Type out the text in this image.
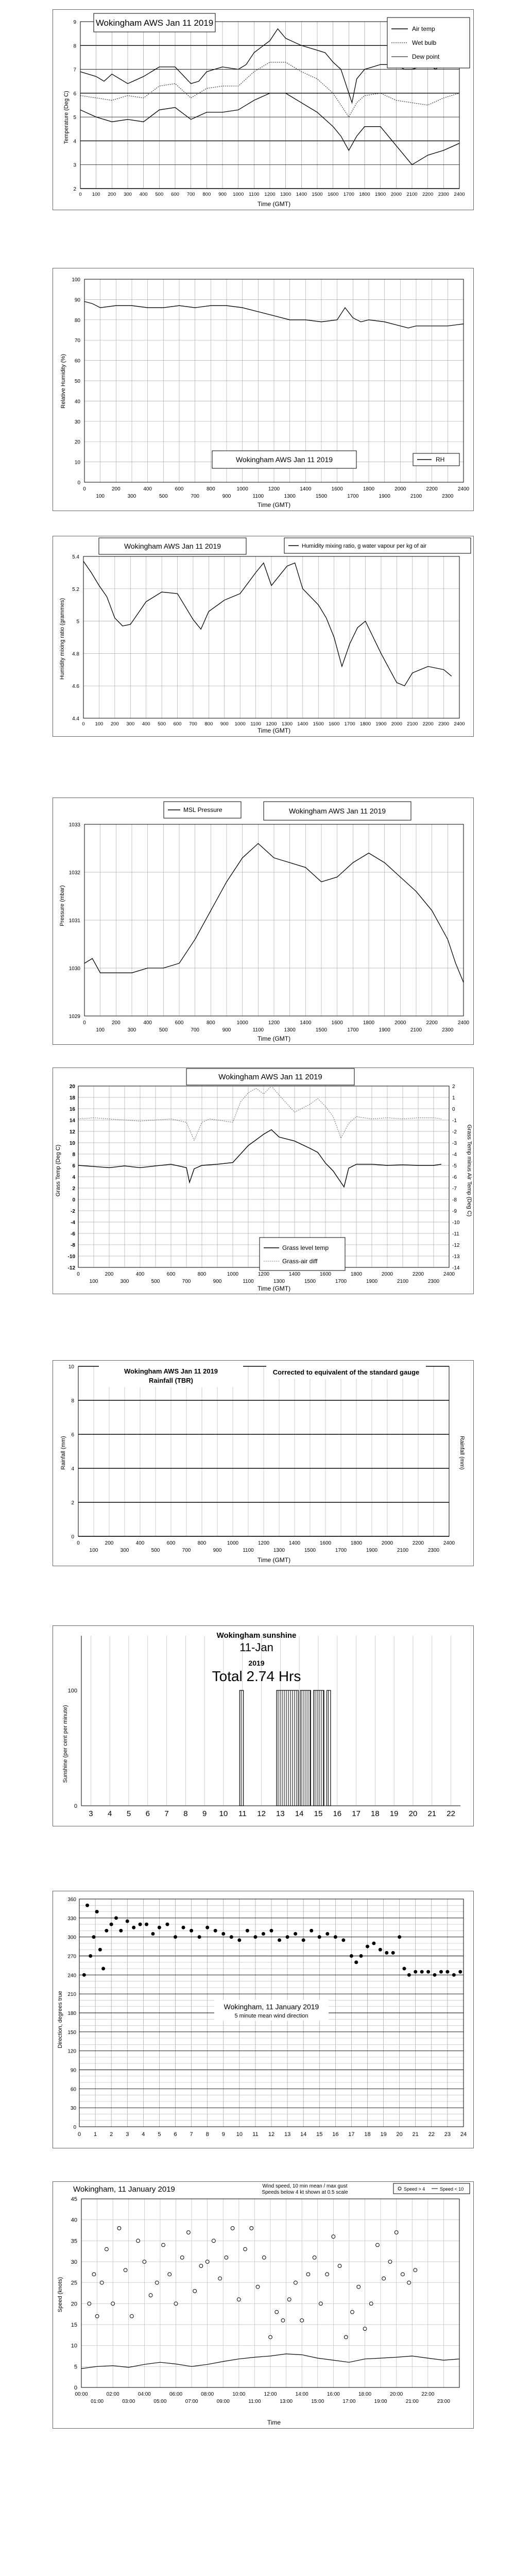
2
3
4
5
6
7
8
9
0 100 200 300 400 500 600 700 800 900 1000 1100 1200 1300 1400 1500 1600 1700 1800 1900 2000 2100 2200 2300 2400
Wokingham AWS Jan 11 2019
Air temp
Wet bulb
Dew point
Temperature (Deg C)
Time (GMT)
0
10
20
30
40
50
60
70
80
90
100
0	200	400	600	800	1000	1200	1400	1600	1800	2000	2200	2400
100	300	500	700	900	1100	1300	1500	1700	1900	2100	2300
Wokingham AWS Jan 11 2019	RH
Relative Humidity (%)
Time (GMT)
4.4
4.6
4.8
5
5.2
5.4
0 100 200 300 400 500 600 700 800 900 1000 1100 1200 1300 1400 1500 1600 1700 1800 1900 2000 2100 2200 2300 2400
Wokingham AWS Jan 11 2019	Humidity mixing ratio, g water vapour per kg of air
Humidity mixing ratio (grammes)
Time (GMT)
1029
1030
1031
1032
1033
0	200	400	600	800	1000	1200	1400	1600	1800	2000	2200	2400
100	300	500	700	900	1100	1300	1500	1700	1900	2100	2300
MSL Pressure	Wokingham AWS Jan 11 2019
Pressure (mbar)
Time (GMT)
20
18
16
14
12
10
8
6
4
2
0
-2
-4
-6
-8
-10
-12
2
1
0
-1
-2
-3
-4
-5
-6
-7
-8
-9
-10
-11
-12
-13
-14
0	200	400	600	800	1000	1200	1400	1600	1800	2000	2200	2400
100	300	500	700	900	1100	1300	1500	1700	1900	2100	2300
Wokingham AWS Jan 11 2019
Grass level temp
Grass-air diff
Grass Temp (Deg C)	Grass Temp minus Air Temp (Deg C)
Time (GMT)
0
2
4
6
8
10
0	200	400	600	800	1000	1200	1400	1600	1800	2000	2200	2400
100	300	500	700	900	1100	1300	1500	1700	1900	2100	2300
Wokingham AWS Jan 11 2019
Rainfall (TBR)
Corrected to equivalent of the standard gauge
Rainfall (mm)	Rainfall (mm)
Time (GMT)
3 4 5 6 7 8 9 10 11 12 13 14 15 16 17 18 19 20 21 22
0
100
Wokingham sunshine
11-Jan
2019
Total 2.74 Hrs
Sunshine (per cent per minute)
0
30
60
90
120
150
180
210
240
270
300
330
360
0 1 2 3 4 5 6 7 8 9 10 11 12 13 14 15 16 17 18 19 20 21 22 23 24
Wokingham, 11 January 2019
5 minute mean wind direction
Direction, degrees true
0
5
10
15
20
25
30
35
40
45
00:00	02:00	04:00	06:00	08:00	10:00	12:00	14:00	16:00	18:00	20:00	22:00
01:00	03:00	05:00	07:00	09:00	11:00	13:00	15:00	17:00	19:00	21:00	23:00
Wokingham, 11 January 2019	Wind speed, 10 min mean / max gust
Speeds below 4 kt shown at 0.5 scale
Speed > 4	Speed < 10
Speed (knots)
Time
